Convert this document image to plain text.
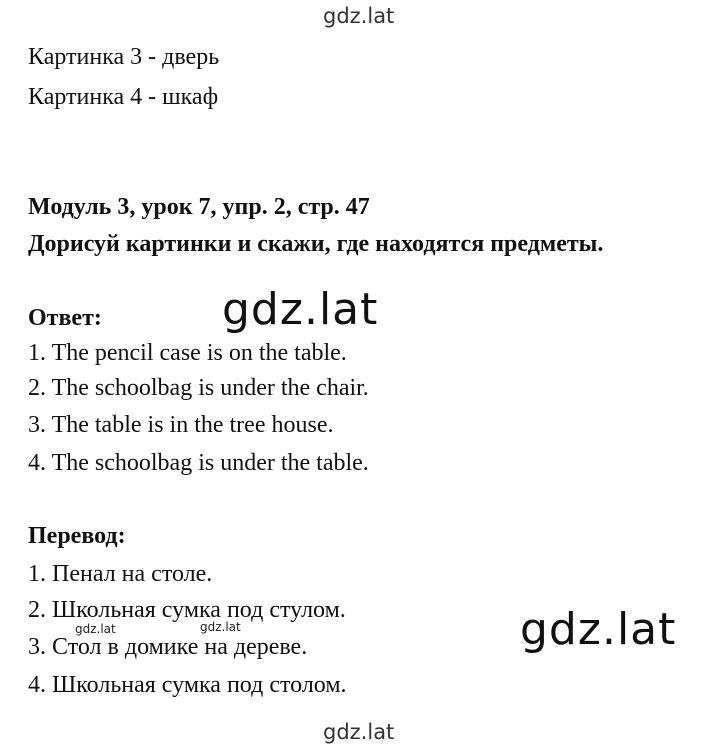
gdz.lat
Картинка 3 - дверь
Картинка 4 - шкаф
Модуль 3, урок 7, упр. 2, стр. 47
Дорисуй картинки и скажи, где находятся предметы.
Ответ:	gdz.lat
1. The pencil case is on the table.
2. The schoolbag is under the chair.
3. The table is in the tree house.
4. The schoolbag is under the table.
Перевод:
1. Пенал на столе.
2. Школьная сумка под стулом.
3. Стол в домике на дереве.
4. Школьная сумка под столом.
gdz.lat	gdz.lat	gdz.lat
gdz.lat
